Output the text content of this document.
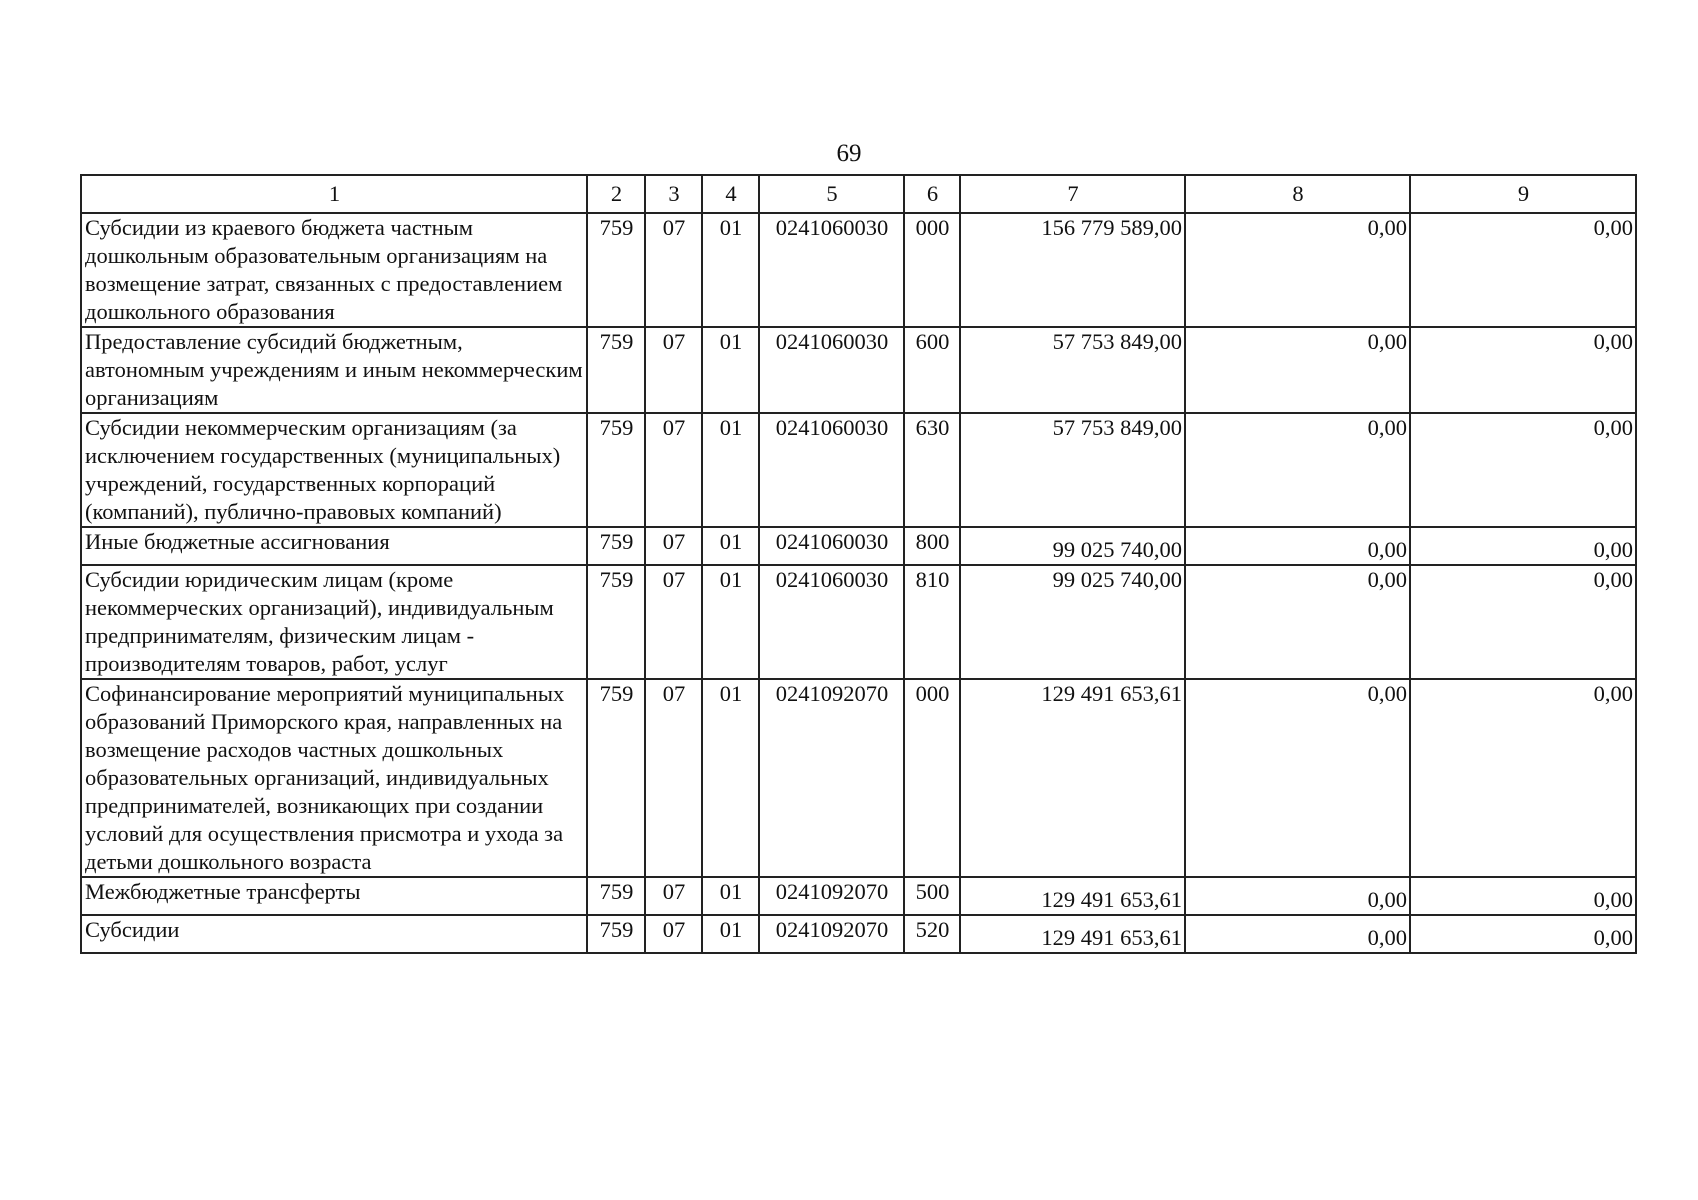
69
1	2	3	4	5	6	7	8	9
Субсидии из краевого бюджета частным дошкольным образовательным организациям на возмещение затрат, связанных с предоставлением дошкольного образования	759	07	01	0241060030	000	156 779 589,00	0,00	0,00
Предоставление субсидий бюджетным, автономным учреждениям и иным некоммерческим организациям	759	07	01	0241060030	600	57 753 849,00	0,00	0,00
Субсидии некоммерческим организациям (за исключением государственных (муниципальных) учреждений, государственных корпораций (компаний), публично-правовых компаний)	759	07	01	0241060030	630	57 753 849,00	0,00	0,00
Иные бюджетные ассигнования	759	07	01	0241060030	800	99 025 740,00	0,00	0,00
Субсидии юридическим лицам (кроме некоммерческих организаций), индивидуальным предпринимателям, физическим лицам - производителям товаров, работ, услуг	759	07	01	0241060030	810	99 025 740,00	0,00	0,00
Софинансирование мероприятий муниципальных образований Приморского края, направленных на возмещение расходов частных дошкольных образовательных организаций, индивидуальных предпринимателей, возникающих при создании условий для осуществления присмотра и ухода за детьми дошкольного возраста	759	07	01	0241092070	000	129 491 653,61	0,00	0,00
Межбюджетные трансферты	759	07	01	0241092070	500	129 491 653,61	0,00	0,00
Субсидии	759	07	01	0241092070	520	129 491 653,61	0,00	0,00
